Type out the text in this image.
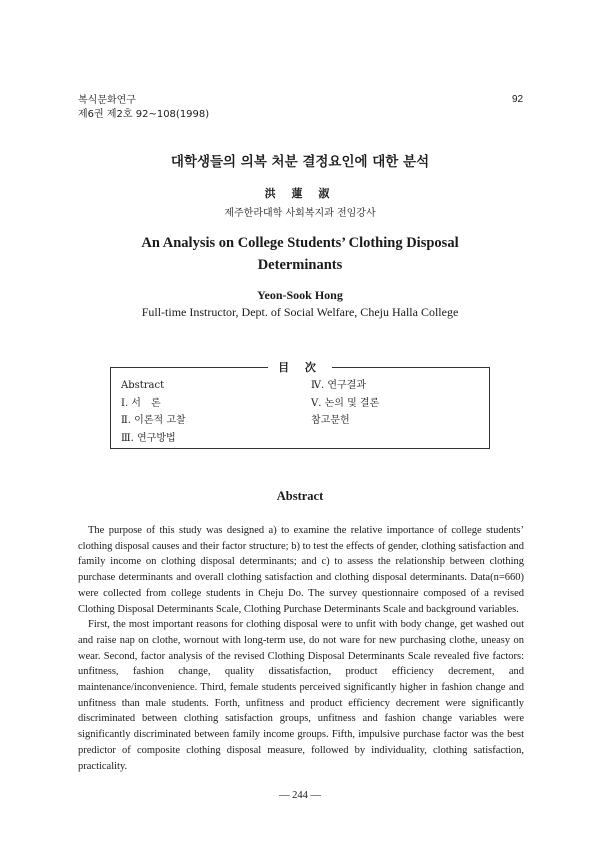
복식문화연구
제6권 제2호 92~108(1998)
92
대학생들의 의복 처분 결정요인에 대한 분석
洪 蓮 淑
제주한라대학 사회복지과 전임강사
An Analysis on College Students’ Clothing Disposal
Determinants
Yeon-Sook Hong
Full-time Instructor, Dept. of Social Welfare, Cheju Halla College
目 次
Abstract
Ⅰ. 서　론
Ⅱ. 이론적 고찰
Ⅲ. 연구방법
Ⅳ. 연구결과
Ⅴ. 논의 및 결론
참고문헌
Abstract

The purpose of this study was designed a) to examine the relative importance of college students’ clothing disposal causes and their factor structure; b) to test the effects of gender, clothing satisfaction and family income on clothing disposal determinants; and c) to assess the relationship between clothing purchase determinants and overall clothing satisfaction and clothing disposal determinants. Data(n=660) were collected from college students in Cheju Do. The survey questionnaire composed of a revised Clothing Disposal Determinants Scale, Clothing Purchase Determinants Scale and background variables.

First, the most important reasons for clothing disposal were to unfit with body change, get washed out and raise nap on clothe, wornout with long-term use, do not ware for new purchasing clothe, uneasy on wear. Second, factor analysis of the revised Clothing Disposal Determinants Scale revealed five factors: unfitness, fashion change, quality dissatisfaction, product efficiency decrement, and maintenance/inconvenience. Third, female students perceived significantly higher in fashion change and unfitness than male students. Forth, unfitness and product efficiency decrement were significantly discriminated between clothing satisfaction groups, unfitness and fashion change variables were significantly discriminated between family income groups. Fifth, impulsive purchase factor was the best predictor of composite clothing disposal measure, followed by individuality, clothing satisfaction, practicality.

— 244 —
